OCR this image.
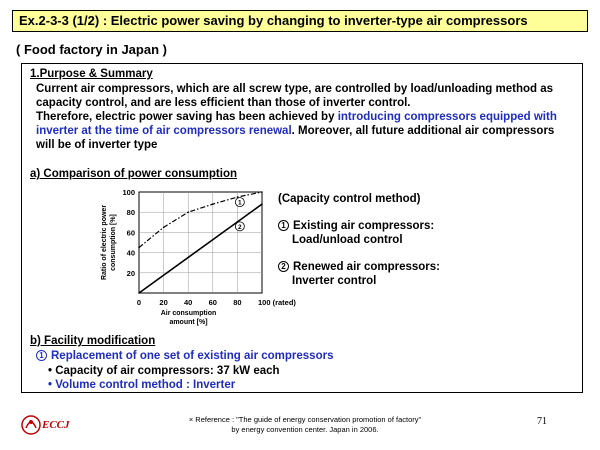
Ex.2-3-3 (1/2) : Electric power saving by changing to inverter-type air compressors
( Food factory in Japan )
1.Purpose & Summary
Current air compressors, which are all screw type, are controlled by load/unloading method as
capacity control, and are less efficient than those of inverter control.
Therefore, electric power saving has been achieved by introducing compressors equipped with
inverter at the time of air compressors renewal. Moreover, all future additional air compressors
will be of inverter type
a) Comparison of power consumption
20
40
60
80
100
0 20 40 60 80 100 (rated)
Ratio of electric power consumption [%]
Air consumption amount [%]
1
2
(Capacity control method)
1 Existing air compressors:
Load/unload control
2 Renewed air compressors:
Inverter control
b) Facility modification
1 Replacement of one set of existing air compressors
• Capacity of air compressors: 37 kW each
• Volume control method : Inverter
ECCJ	× Reference : "The guide of energy conservation promotion of factory"
by energy convention center. Japan in 2006.
71
